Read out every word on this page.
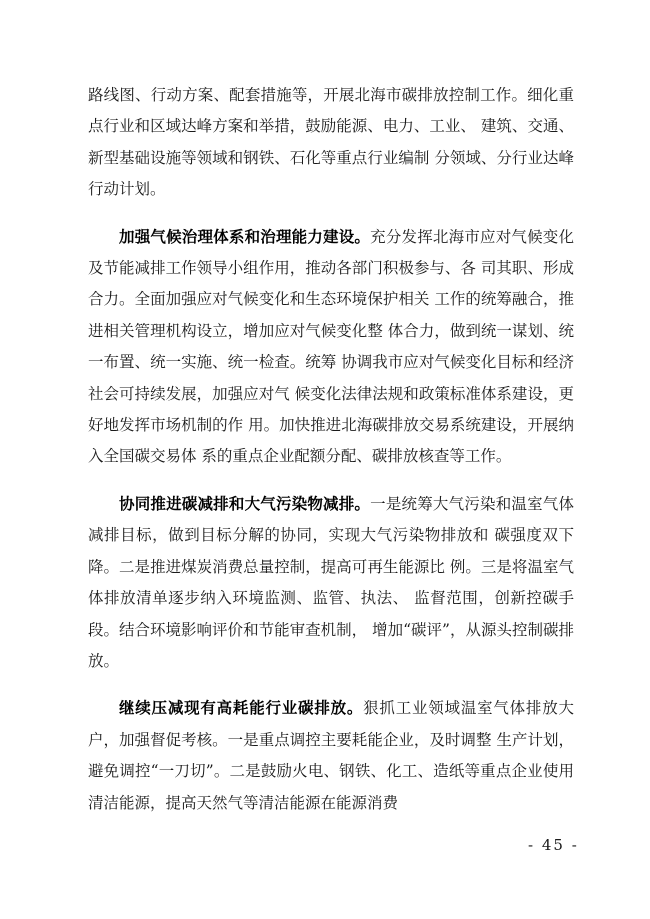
路线图、行动方案、配套措施等，开展北海市碳排放控制工作。细化重点行业和区域达峰方案和举措，鼓励能源、电力、工业、 建筑、交通、新型基础设施等领域和钢铁、石化等重点行业编制 分领域、分行业达峰行动计划。

加强气候治理体系和治理能力建设。充分发挥北海市应对气候变化及节能减排工作领导小组作用，推动各部门积极参与、各 司其职、形成合力。全面加强应对气候变化和生态环境保护相关 工作的统筹融合，推进相关管理机构设立，增加应对气候变化整 体合力，做到统一谋划、统一布置、统一实施、统一检查。统筹 协调我市应对气候变化目标和经济社会可持续发展，加强应对气 候变化法律法规和政策标准体系建设，更好地发挥市场机制的作 用。加快推进北海碳排放交易系统建设，开展纳入全国碳交易体 系的重点企业配额分配、碳排放核查等工作。

协同推进碳减排和大气污染物减排。一是统筹大气污染和温室气体减排目标，做到目标分解的协同，实现大气污染物排放和 碳强度双下降。二是推进煤炭消费总量控制，提高可再生能源比 例。三是将温室气体排放清单逐步纳入环境监测、监管、执法、 监督范围，创新控碳手段。结合环境影响评价和节能审查机制， 增加“碳评”，从源头控制碳排放。

继续压减现有高耗能行业碳排放。狠抓工业领域温室气体排放大户，加强督促考核。一是重点调控主要耗能企业，及时调整 生产计划，避免调控“一刀切”。二是鼓励火电、钢铁、化工、造纸等重点企业使用清洁能源，提高天然气等清洁能源在能源消费

- 45 -
